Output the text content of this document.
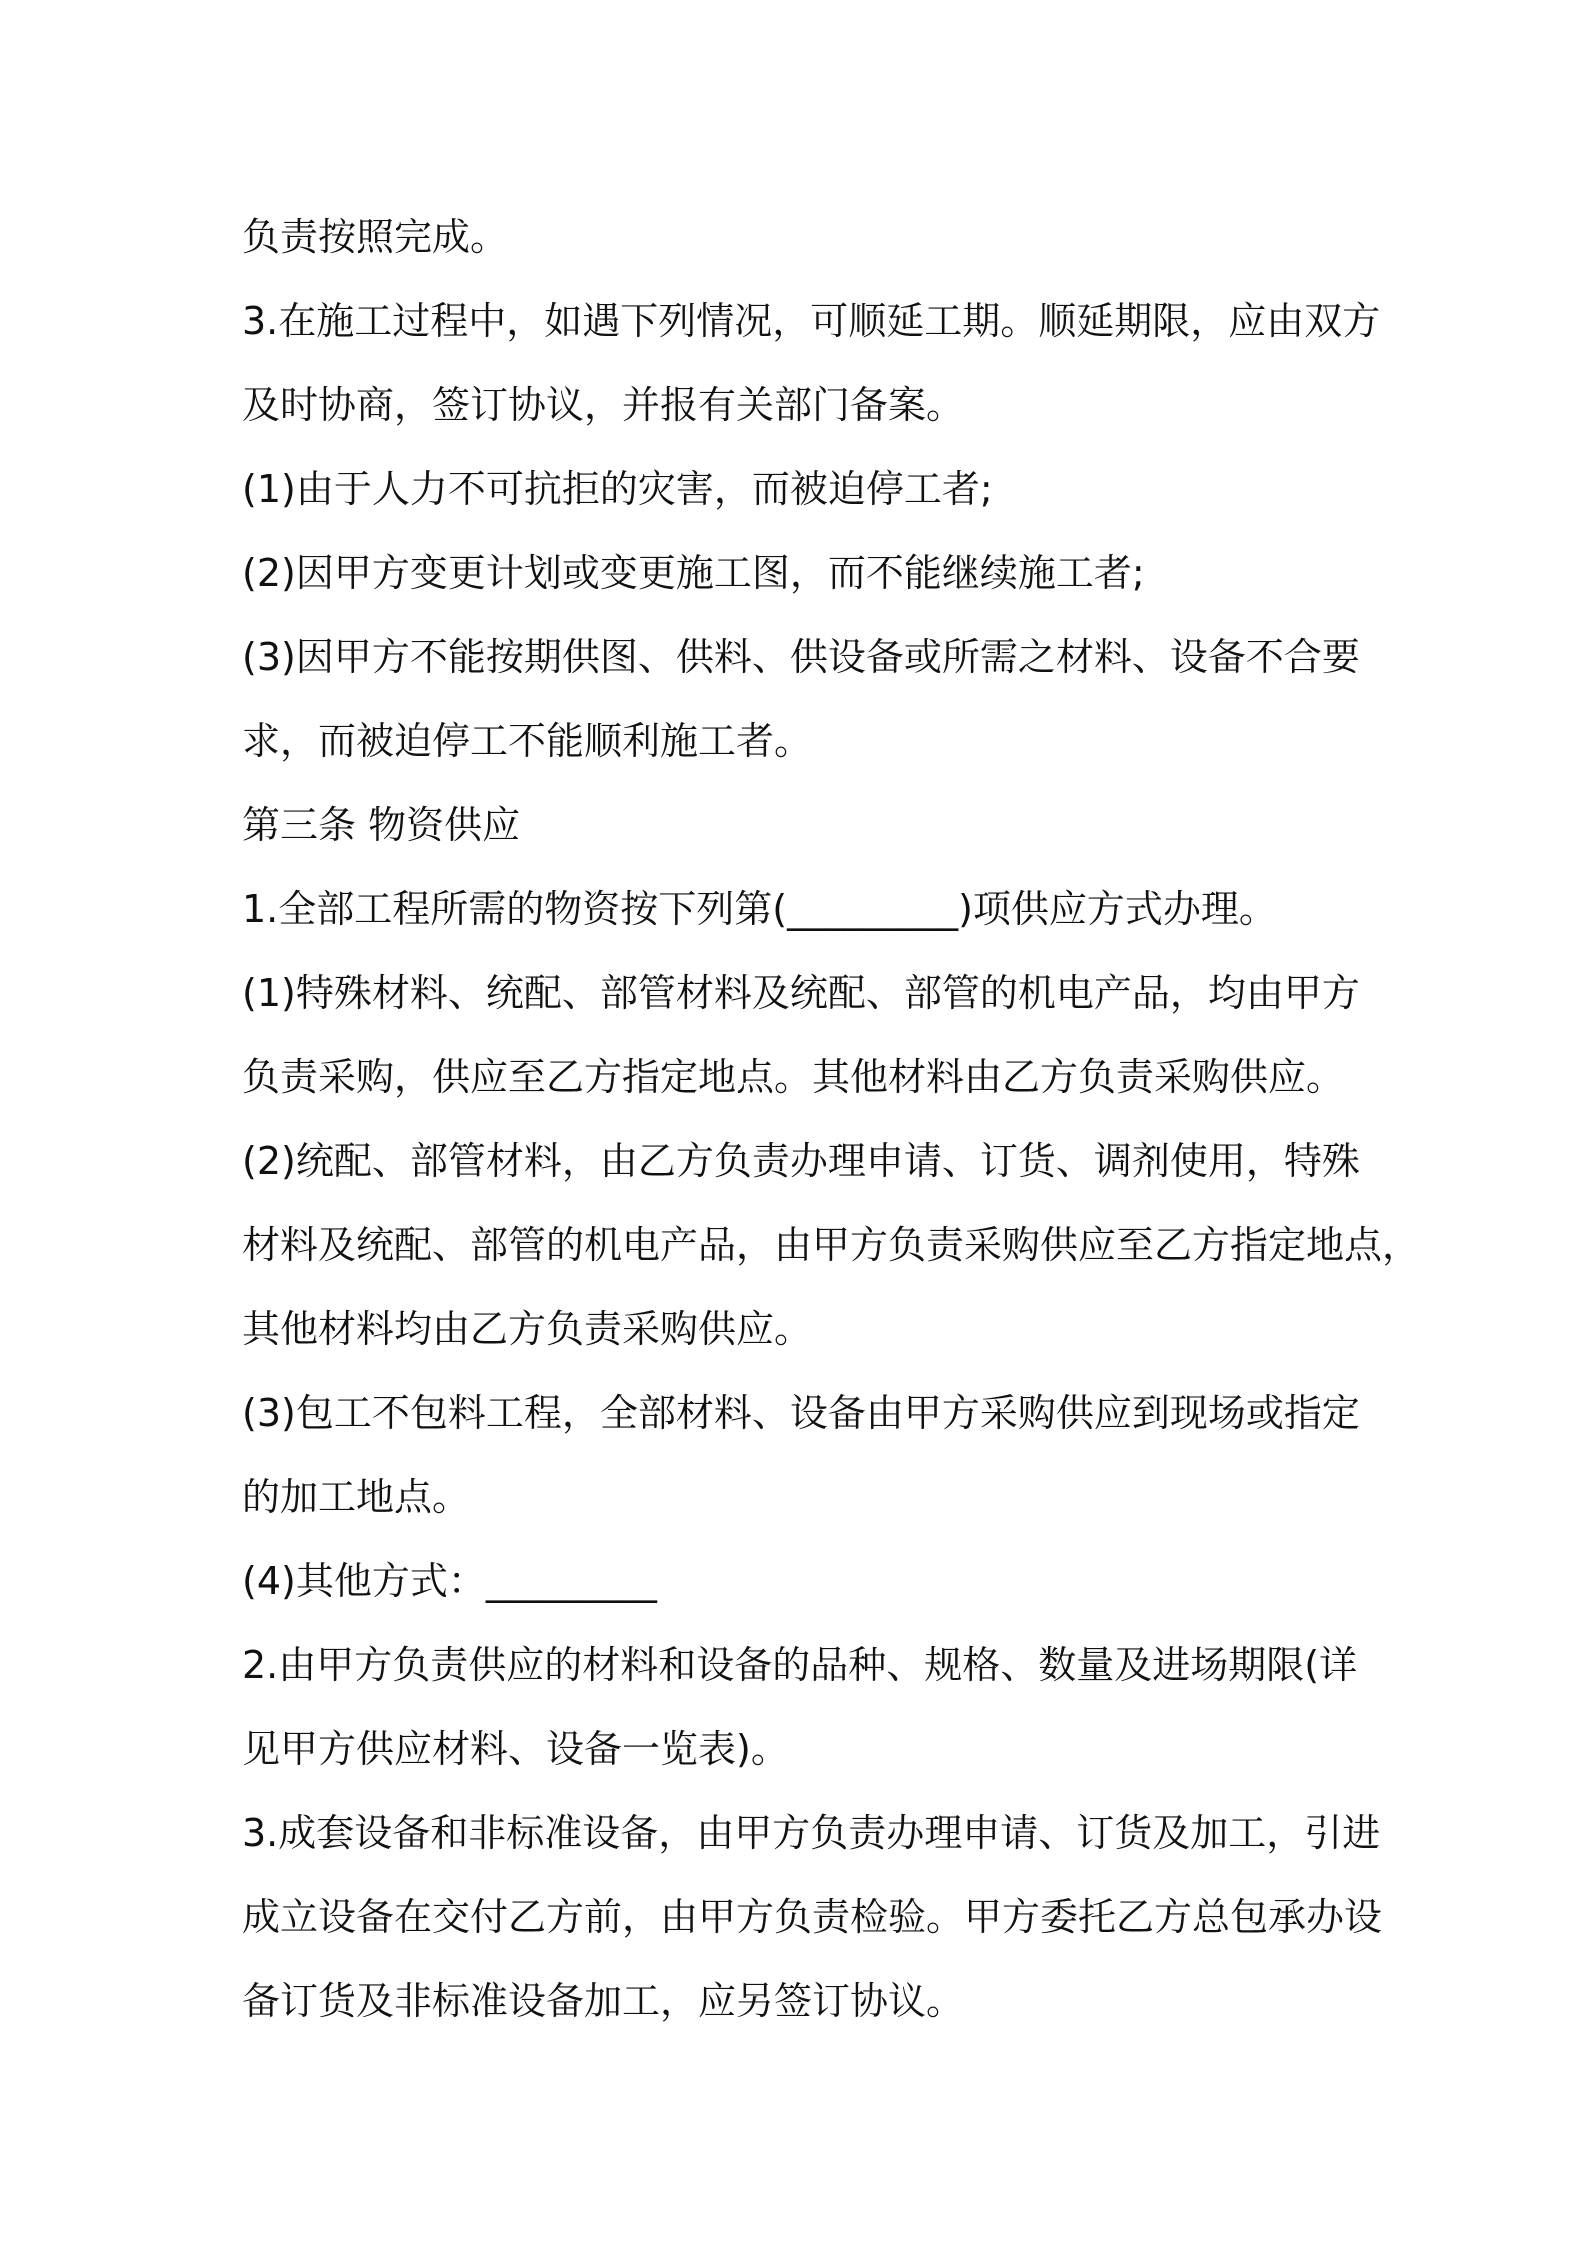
负责按照完成。
3.在施工过程中，如遇下列情况，可顺延工期。顺延期限，应由双方
及时协商，签订协议，并报有关部门备案。
(1)由于人力不可抗拒的灾害，而被迫停工者;
(2)因甲方变更计划或变更施工图，而不能继续施工者;
(3)因甲方不能按期供图、供料、供设备或所需之材料、设备不合要
求，而被迫停工不能顺利施工者。
第三条 物资供应
1.全部工程所需的物资按下列第(_________)项供应方式办理。
(1)特殊材料、统配、部管材料及统配、部管的机电产品，均由甲方
负责采购，供应至乙方指定地点。其他材料由乙方负责采购供应。
(2)统配、部管材料，由乙方负责办理申请、订货、调剂使用，特殊
材料及统配、部管的机电产品，由甲方负责采购供应至乙方指定地点，
其他材料均由乙方负责采购供应。
(3)包工不包料工程，全部材料、设备由甲方采购供应到现场或指定
的加工地点。
(4)其他方式：_________
2.由甲方负责供应的材料和设备的品种、规格、数量及进场期限(详
见甲方供应材料、设备一览表)。
3.成套设备和非标准设备，由甲方负责办理申请、订货及加工，引进
成立设备在交付乙方前，由甲方负责检验。甲方委托乙方总包承办设
备订货及非标准设备加工，应另签订协议。
